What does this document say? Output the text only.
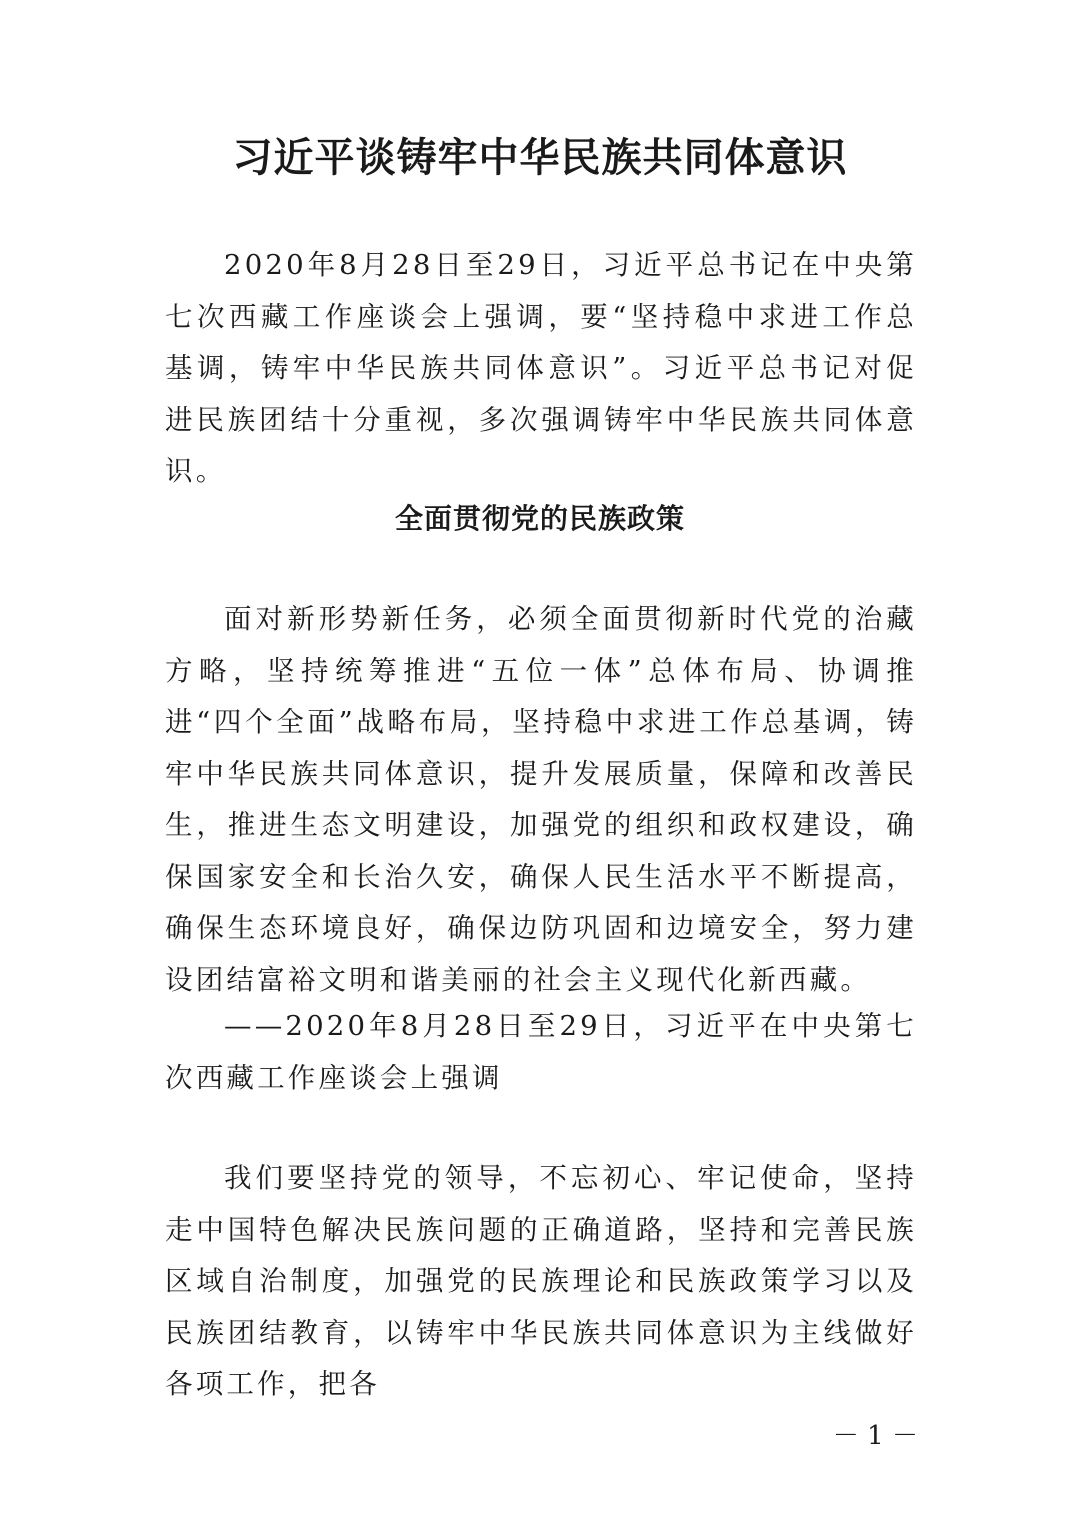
习近平谈铸牢中华民族共同体意识

2020年8月28日至29日，习近平总书记在中央第七次西藏工作座谈会上强调，要“坚持稳中求进工作总基调，铸牢中华民族共同体意识”。习近平总书记对促进民族团结十分重视，多次强调铸牢中华民族共同体意识。

全面贯彻党的民族政策

面对新形势新任务，必须全面贯彻新时代党的治藏方略，坚持统筹推进“五位一体”总体布局、协调推进“四个全面”战略布局，坚持稳中求进工作总基调，铸牢中华民族共同体意识，提升发展质量，保障和改善民生，推进生态文明建设，加强党的组织和政权建设，确保国家安全和长治久安，确保人民生活水平不断提高，确保生态环境良好，确保边防巩固和边境安全，努力建设团结富裕文明和谐美丽的社会主义现代化新西藏。

——2020年8月28日至29日，习近平在中央第七次西藏工作座谈会上强调

我们要坚持党的领导，不忘初心、牢记使命，坚持走中国特色解决民族问题的正确道路，坚持和完善民族区域自治制度，加强党的民族理论和民族政策学习以及民族团结教育，以铸牢中华民族共同体意识为主线做好各项工作，把各

－ 1 －
